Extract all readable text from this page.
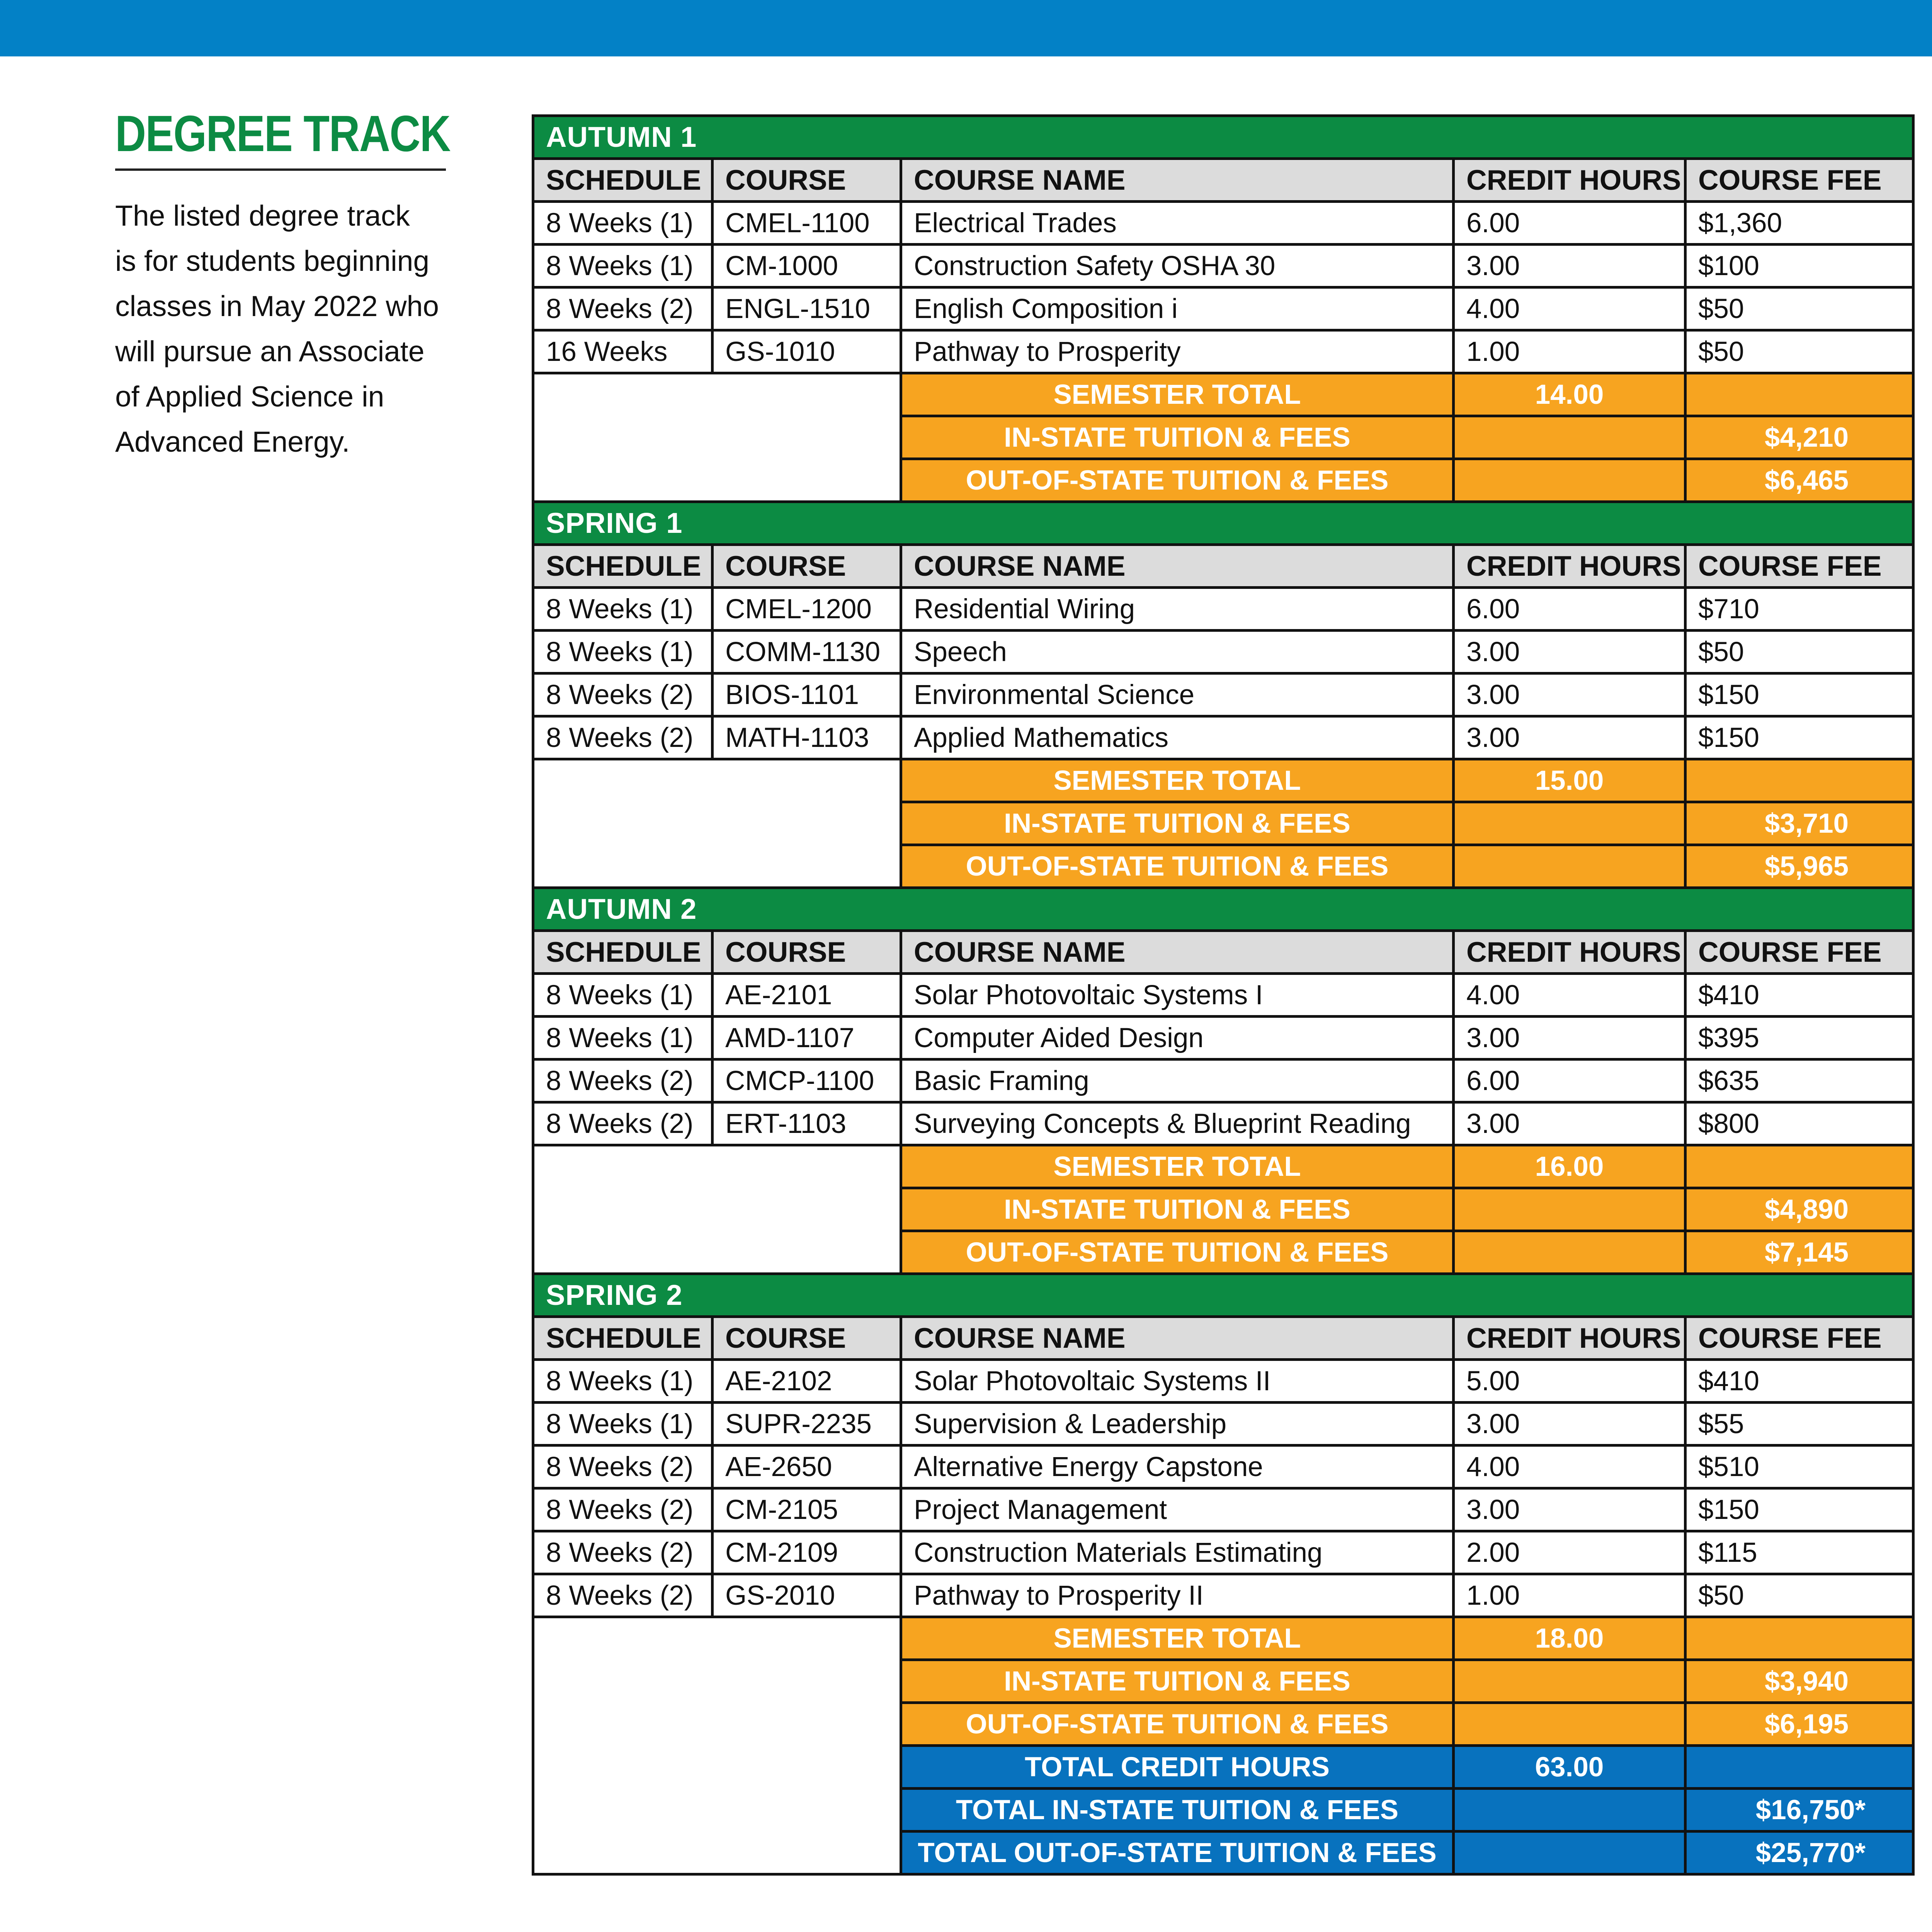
DEGREE TRACK
The listed degree track
is for students beginning
classes in May 2022 who
will pursue an Associate
of Applied Science in
Advanced Energy.
AUTUMN 1				
SCHEDULE	COURSE	COURSE NAME	CREDIT HOURS	COURSE FEE
8 Weeks (1)	CMEL-1100	Electrical Trades	6.00	$1,360
8 Weeks (1)	CM-1000	Construction Safety OSHA 30	3.00	$100
8 Weeks (2)	ENGL-1510	English Composition i	4.00	$50
16 Weeks	GS-1010	Pathway to Prosperity	1.00	$50
		SEMESTER TOTAL	14.00	
		IN-STATE TUITION & FEES		$4,210
		OUT-OF-STATE TUITION & FEES		$6,465
SPRING 1				
SCHEDULE	COURSE	COURSE NAME	CREDIT HOURS	COURSE FEE
8 Weeks (1)	CMEL-1200	Residential Wiring	6.00	$710
8 Weeks (1)	COMM-1130	Speech	3.00	$50
8 Weeks (2)	BIOS-1101	Environmental Science	3.00	$150
8 Weeks (2)	MATH-1103	Applied Mathematics	3.00	$150
		SEMESTER TOTAL	15.00	
		IN-STATE TUITION & FEES		$3,710
		OUT-OF-STATE TUITION & FEES		$5,965
AUTUMN 2				
SCHEDULE	COURSE	COURSE NAME	CREDIT HOURS	COURSE FEE
8 Weeks (1)	AE-2101	Solar Photovoltaic Systems I	4.00	$410
8 Weeks (1)	AMD-1107	Computer Aided Design	3.00	$395
8 Weeks (2)	CMCP-1100	Basic Framing	6.00	$635
8 Weeks (2)	ERT-1103	Surveying Concepts & Blueprint Reading	3.00	$800
		SEMESTER TOTAL	16.00	
		IN-STATE TUITION & FEES		$4,890
		OUT-OF-STATE TUITION & FEES		$7,145
SPRING 2				
SCHEDULE	COURSE	COURSE NAME	CREDIT HOURS	COURSE FEE
8 Weeks (1)	AE-2102	Solar Photovoltaic Systems II	5.00	$410
8 Weeks (1)	SUPR-2235	Supervision & Leadership	3.00	$55
8 Weeks (2)	AE-2650	Alternative Energy Capstone	4.00	$510
8 Weeks (2)	CM-2105	Project Management	3.00	$150
8 Weeks (2)	CM-2109	Construction Materials Estimating	2.00	$115
8 Weeks (2)	GS-2010	Pathway to Prosperity II	1.00	$50
		SEMESTER TOTAL	18.00	
		IN-STATE TUITION & FEES		$3,940
		OUT-OF-STATE TUITION & FEES		$6,195
		TOTAL CREDIT HOURS	63.00	
		TOTAL IN-STATE TUITION & FEES		$16,750*
		TOTAL OUT-OF-STATE TUITION & FEES		$25,770*
